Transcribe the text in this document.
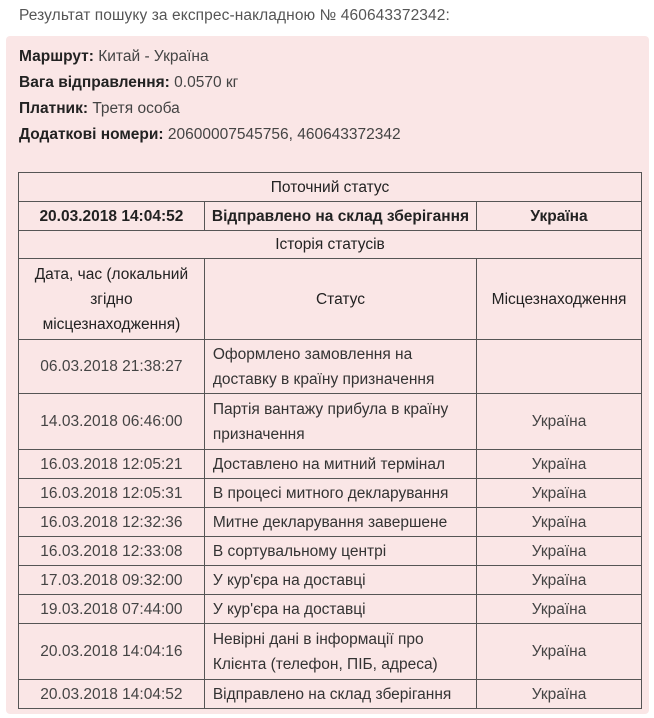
Результат пошуку за експрес-накладною № 460643372342:
Маршрут: Китай - Україна
Вага відправлення: 0.0570 кг
Платник: Третя особа
Додаткові номери: 20600007545756, 460643372342
Поточний статус		
20.03.2018 14:04:52	Відправлено на склад зберігання	Україна
Історія статусів		
Дата, час (локальний згідно місцезнаходження)	Статус	Місцезнаходження
06.03.2018 21:38:27	Оформлено замовлення на доставку в країну призначення	
14.03.2018 06:46:00	Партія вантажу прибула в країну призначення	Україна
16.03.2018 12:05:21	Доставлено на митний термінал	Україна
16.03.2018 12:05:31	В процесі митного декларування	Україна
16.03.2018 12:32:36	Митне декларування завершене	Україна
16.03.2018 12:33:08	В сортувальному центрі	Україна
17.03.2018 09:32:00	У кур'єра на доставці	Україна
19.03.2018 07:44:00	У кур'єра на доставці	Україна
20.03.2018 14:04:16	Невірні дані в інформації про Клієнта (телефон, ПІБ, адреса)	Україна
20.03.2018 14:04:52	Відправлено на склад зберігання	Україна
